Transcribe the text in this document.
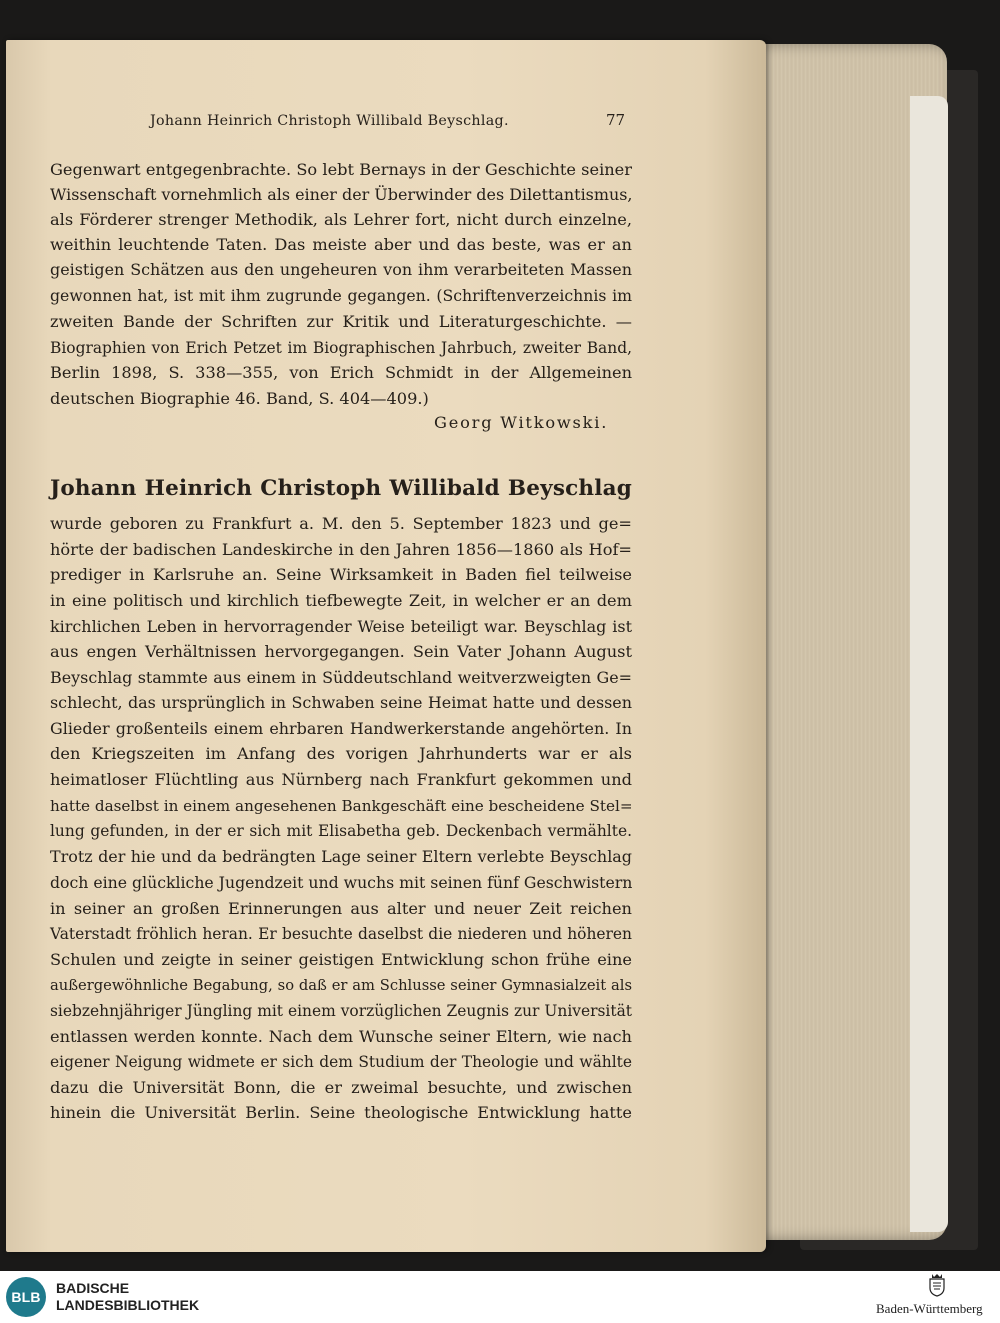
Johann Heinrich Christoph Willibald Beyschlag.	77
Gegenwart entgegenbrachte. So lebt Bernays in der Geschichte seiner
Wissenschaft vornehmlich als einer der Überwinder des Dilettantismus,
als Förderer strenger Methodik, als Lehrer fort, nicht durch einzelne,
weithin leuchtende Taten. Das meiste aber und das beste, was er an
geistigen Schätzen aus den ungeheuren von ihm verarbeiteten Massen
gewonnen hat, ist mit ihm zugrunde gegangen. (Schriftenverzeichnis im
zweiten Bande der Schriften zur Kritik und Literaturgeschichte. —
Biographien von Erich Petzet im Biographischen Jahrbuch, zweiter Band,
Berlin 1898, S. 338—355, von Erich Schmidt in der Allgemeinen
deutschen Biographie 46. Band, S. 404—409.)
Georg Witkowski.
Johann Heinrich Christoph Willibald Beyschlag
wurde geboren zu Frankfurt a. M. den 5. September 1823 und ge=
hörte der badischen Landeskirche in den Jahren 1856—1860 als Hof=
prediger in Karlsruhe an. Seine Wirksamkeit in Baden fiel teilweise
in eine politisch und kirchlich tiefbewegte Zeit, in welcher er an dem
kirchlichen Leben in hervorragender Weise beteiligt war. Beyschlag ist
aus engen Verhältnissen hervorgegangen. Sein Vater Johann August
Beyschlag stammte aus einem in Süddeutschland weitverzweigten Ge=
schlecht, das ursprünglich in Schwaben seine Heimat hatte und dessen
Glieder großenteils einem ehrbaren Handwerkerstande angehörten. In
den Kriegszeiten im Anfang des vorigen Jahrhunderts war er als
heimatloser Flüchtling aus Nürnberg nach Frankfurt gekommen und
hatte daselbst in einem angesehenen Bankgeschäft eine bescheidene Stel=
lung gefunden, in der er sich mit Elisabetha geb. Deckenbach vermählte.
Trotz der hie und da bedrängten Lage seiner Eltern verlebte Beyschlag
doch eine glückliche Jugendzeit und wuchs mit seinen fünf Geschwistern
in seiner an großen Erinnerungen aus alter und neuer Zeit reichen
Vaterstadt fröhlich heran. Er besuchte daselbst die niederen und höheren
Schulen und zeigte in seiner geistigen Entwicklung schon frühe eine
außergewöhnliche Begabung, so daß er am Schlusse seiner Gymnasialzeit als
siebzehnjähriger Jüngling mit einem vorzüglichen Zeugnis zur Universität
entlassen werden konnte. Nach dem Wunsche seiner Eltern, wie nach
eigener Neigung widmete er sich dem Studium der Theologie und wählte
dazu die Universität Bonn, die er zweimal besuchte, und zwischen
hinein die Universität Berlin. Seine theologische Entwicklung hatte
BLB
BADISCHE
LANDESBIBLIOTHEK	Baden-Württemberg
